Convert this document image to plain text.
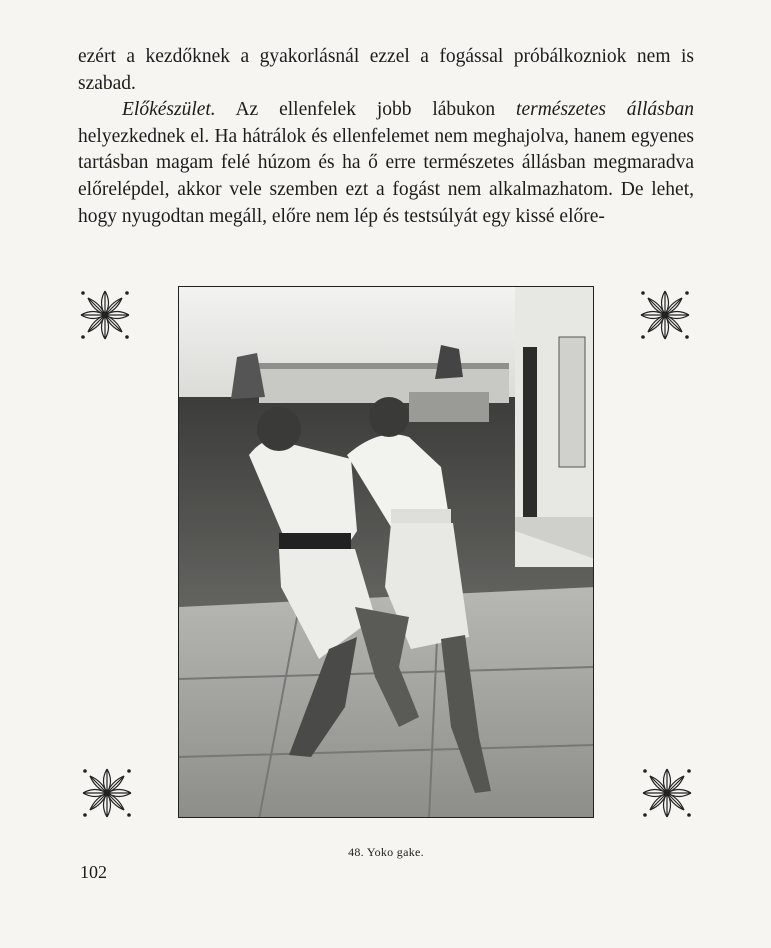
ezért a kezdőknek a gyakorlásnál ezzel a fogással próbálkozniok nem is szabad.

Előkészület. Az ellenfelek jobb lábukon természetes állásban helyezkednek el. Ha hátrálok és ellenfelemet nem meghajolva, hanem egyenes tartásban magam felé húzom és ha ő erre természetes állásban megmaradva előrelépdel, akkor vele szemben ezt a fogást nem alkalmazhatom. De lehet, hogy nyugodtan megáll, előre nem lép és testsúlyát egy kissé előre-

48. Yoko gake.
102
